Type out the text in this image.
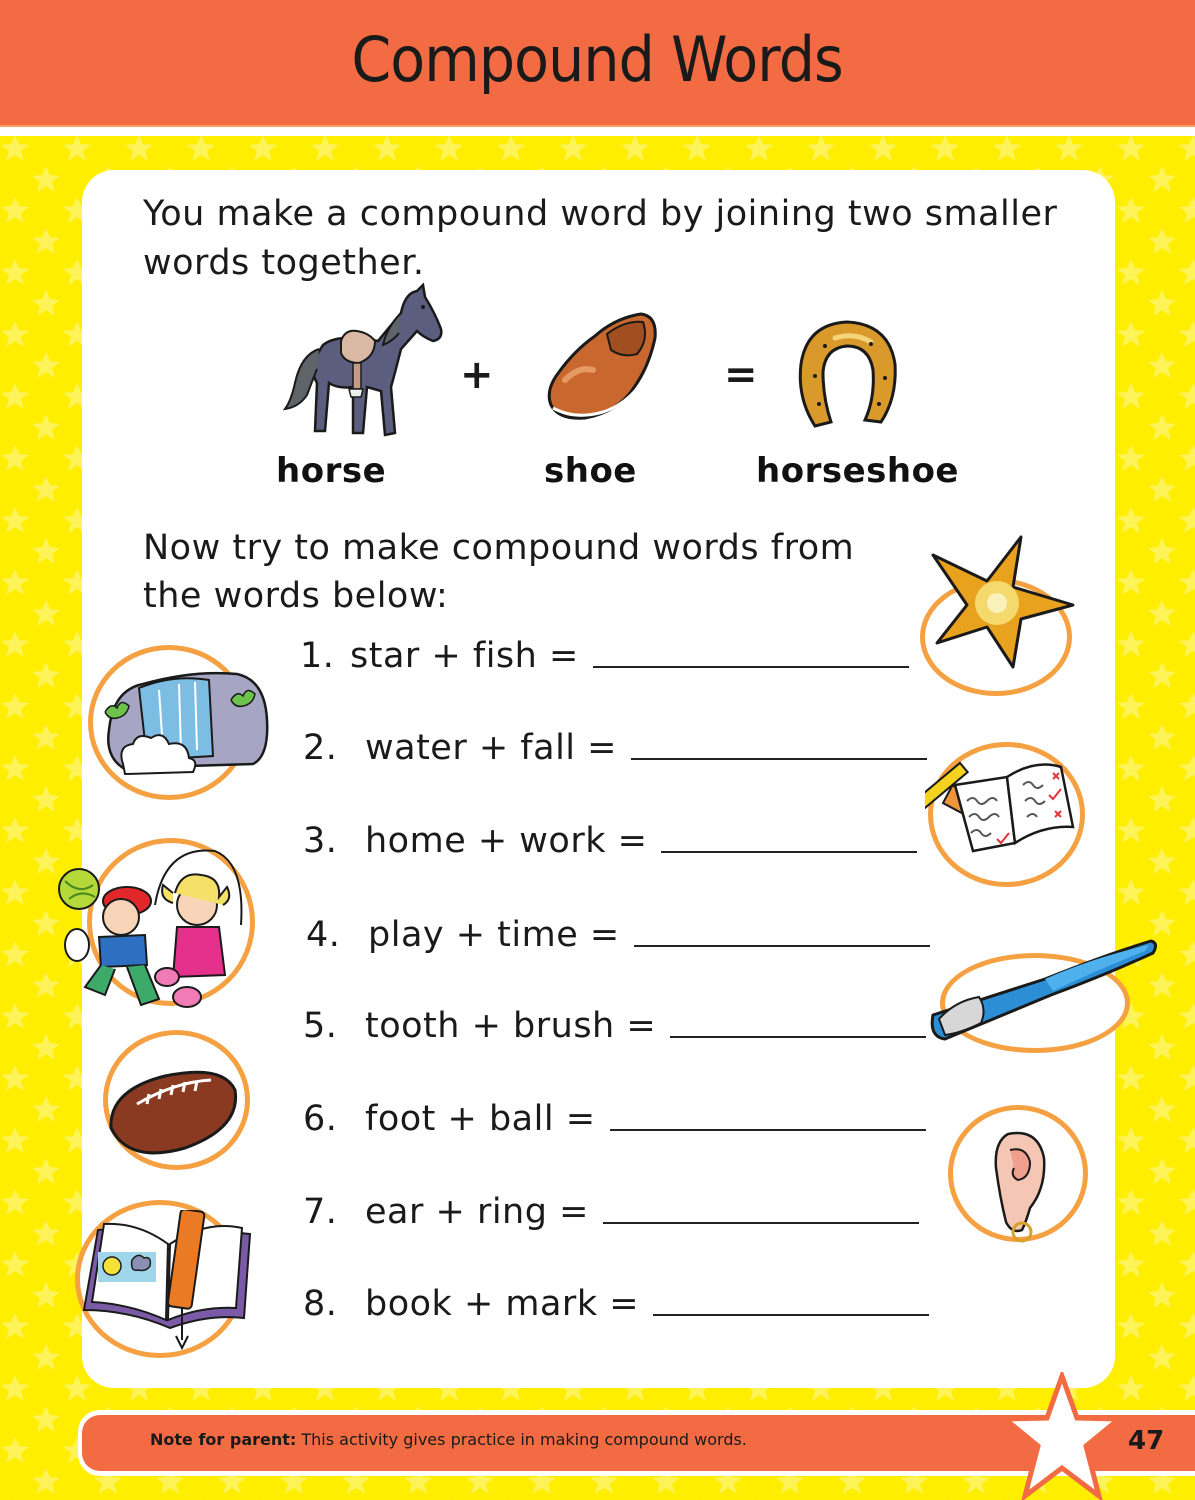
Compound Words
You make a compound word by joining two smaller words together.
+	=
horse	shoe	horseshoe
Now try to make compound words from the words below:
1. star + fish =
2. water + fall =
3. home + work =
4. play + time =
5. tooth + brush =
6. foot + ball =
7. ear + ring =
8. book + mark =
Note for parent: This activity gives practice in making compound words.	47
